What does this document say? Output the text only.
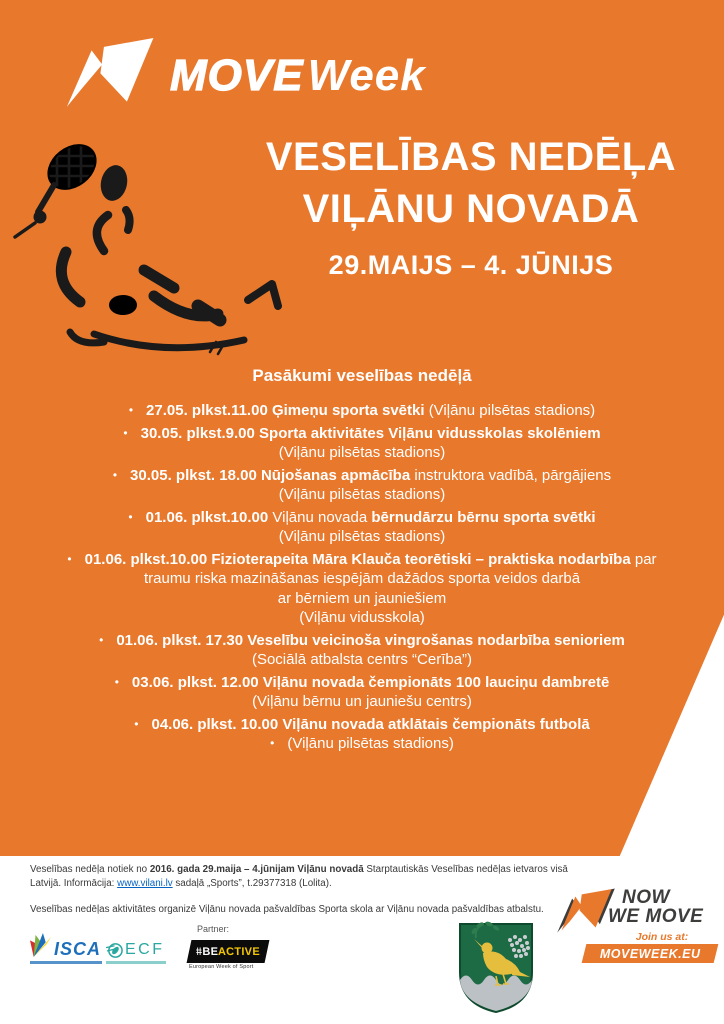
MOVEWeek
VESELĪBAS NEDĒĻA
VIĻĀNU NOVADĀ
29.MAIJS – 4. JŪNIJS
Pasākumi veselības nedēļā
• 27.05. plkst.11.00 Ģimeņu sporta svētki (Viļānu pilsētas stadions)
• 30.05. plkst.9.00 Sporta aktivitātes Viļānu vidusskolas skolēniem
(Viļānu pilsētas stadions)
• 30.05. plkst. 18.00 Nūjošanas apmācība instruktora vadībā, pārgājiens
(Viļānu pilsētas stadions)
• 01.06. plkst.10.00 Viļānu novada bērnudārzu bērnu sporta svētki
(Viļānu pilsētas stadions)
• 01.06. plkst.10.00 Fizioterapeita Māra Klauča teorētiski – praktiska nodarbība par
traumu riska mazināšanas iespējām dažādos sporta veidos darbā
ar bērniem un jauniešiem
(Viļānu vidusskola)
• 01.06. plkst. 17.30 Veselību veicinoša vingrošanas nodarbība senioriem
(Sociālā atbalsta centrs “Cerība”)
• 03.06. plkst. 12.00 Viļānu novada čempionāts 100 lauciņu dambretē
(Viļānu bērnu un jauniešu centrs)
• 04.06. plkst. 10.00 Viļānu novada atklātais čempionāts futbolā
• (Viļānu pilsētas stadions)
Veselības nedēļa notiek no 2016. gada 29.maija – 4.jūnijam Viļānu novadā Starptautiskās Veselības nedēļas ietvaros visā Latvijā. Informācija: www.vilani.lv sadaļā „Sports”, t.29377318 (Lolita).
Veselības nedēļas aktivitātes organizē Viļānu novada pašvaldības Sporta skola ar Viļānu novada pašvaldības atbalstu.
ISCA ECF
Partner:
#BEACTIVE
European Week of Sport
NOW
WE MOVE
Join us at:
MOVEWEEK.EU
